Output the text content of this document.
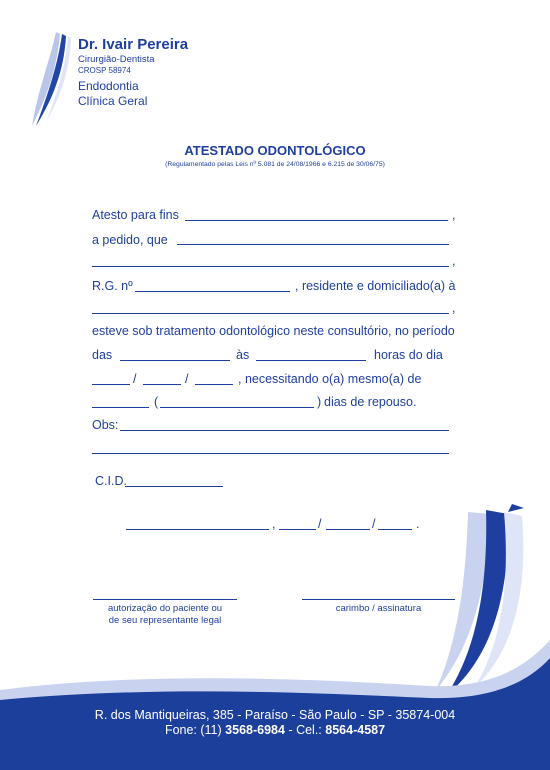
Dr. Ivair Pereira
Cirurgião-Dentista
CROSP 58974
Endodontia
Clínica Geral
ATESTADO ODONTOLÓGICO
(Regulamentado pelas Leis nº 5.081 de 24/08/1966 e 6.215 de 30/06/75)
Atesto para fins	,
a pedido, que
,
R.G. nº	, residente e domiciliado(a) à
,
esteve sob tratamento odontológico neste consultório, no período
das	às	horas do dia
/	/	, necessitando o(a) mesmo(a) de
(	) dias de repouso.
Obs:
C.I.D.
,	/	/	.
autorização do paciente ou
de seu representante legal
carimbo / assinatura
R. dos Mantiqueiras, 385 - Paraíso - São Paulo - SP - 35874-004
Fone: (11) 3568-6984 - Cel.: 8564-4587
